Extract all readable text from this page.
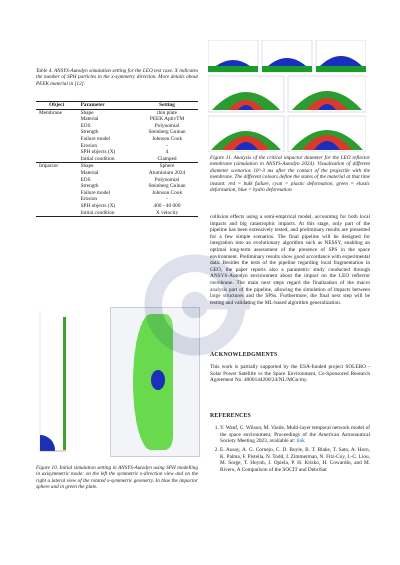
Table 4. ANSYS-Autodyn simulation setting for the LEO test case. X indicates the number of SPH particles in the x-symmetry direction. More details about PEEK material in [12].
Object	Parameter	Setting
Membrane	Shape	thin plate
	Material	PEEK AptivTM
	EOS	Polynomial
	Strength	Steinberg Guinan
	Failure model	Johnson Cook
	Erosion	-
	SPH objects (X)	4
	Initial condition	Clamped
Impactor	Shape	Sphere
	Material	Aluminium 2024
	EOS	Polynomial
	Strength	Steinberg Guinan
	Failure model	Johnson Cook
	Erosion	-
	SPH objects (X)	400 - 40 000
	Initial condition	X velocity
Figure 10. Initial simulation setting in ANSYS-Autodyn using SPH modelling in axisymmetric mode: on the left the symmetric x-direction view and on the right a lateral view of the rotated x-symmetric geometry. In blue the impactor sphere and in green the plate.
Figure 11. Analysis of the critical impactor diameter for the LEO reflector membrane (simulation in ANSYS-Autodyn 2024). Visualization of different diameter scenarios 10^-3 ms after the contact of the projectile with the membrane. The different colours define the states of the material at that time instant: red = bulk failure, cyan = plastic deformation, green = elastic deformation, blue = hydro deformation.
collision effects using a semi-empirical model, accounting for both local impacts and big catastrophic impacts. At this stage, only part of the pipeline has been extensively tested, and preliminary results are presented for a few simple scenarios. The final pipeline will be designed for integration into an evolutionary algorithm such as NESSY, enabling an optimal long-term assessment of the presence of SPS in the space environment. Preliminary results show good accordance with experimental data. Besides the tests of the pipeline regarding local fragmentation in GEO, the paper reports also a parametric study conducted through ANSYS-Autodyn environment about the impact on the LEO reflector membrane. The main next steps regard the finalization of the macro analysis part of the pipeline, allowing the simulation of impacts between large structures and the SPSs. Furthermore, the final next step will be testing and validating the ML-based algorithm generalization.
ACKNOWLEDGMENTS
This work is partially supported by the ESA-funded project SOLERO - Solar Power Satellite vs the Space Environment, Co-Sponsored Research Agreement No. 4000144200/24/NL/MGu/my.
REFERENCES
1. Y. Wanf, C. Wilson, M. Vasile, Multi-layer temporal network model of the space environment, Proceedings of the American Astronautical Society Meeting 2023, available at: link
2. E. Ausay, A. G. Cornejo, C. D. Boyle, B. T. Blake, T. Sato, A. Horn, K. Palma, F. Pistella, N. Todd, J. Zimmerman, N. Fitz-Coy, J.-C. Liou, M. Sorge, T. Huynh, J. Opiela, P. H. Krisko, H. Cowardin, and M. Rivero, A Comparison of the SOCIT and DebriSat
